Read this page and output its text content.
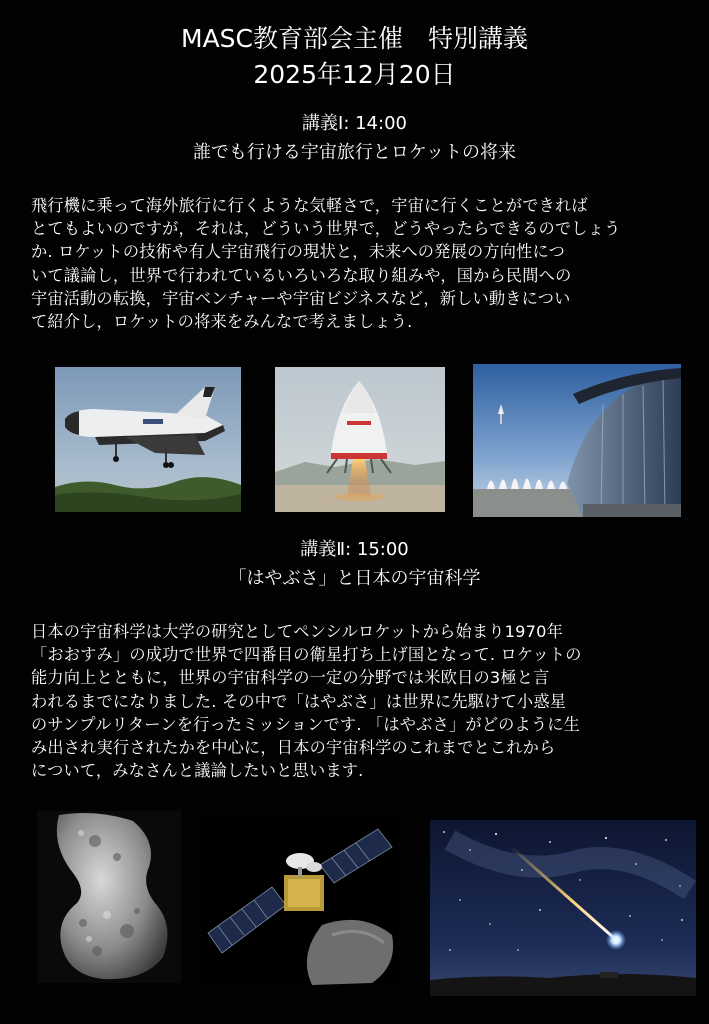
MASC教育部会主催　特別講義
2025年12月20日
講義Ⅰ: 14:00
誰でも行ける宇宙旅行とロケットの将来
飛行機に乗って海外旅行に行くような気軽さで，宇宙に行くことができれば
とてもよいのですが，それは，どういう世界で，どうやったらできるのでしょう
か. ロケットの技術や有人宇宙飛行の現状と，未来への発展の方向性につ
いて議論し，世界で行われているいろいろな取り組みや，国から民間への
宇宙活動の転換，宇宙ベンチャーや宇宙ビジネスなど，新しい動きについ
て紹介し，ロケットの将来をみんなで考えましょう.
講義Ⅱ: 15:00
「はやぶさ」と日本の宇宙科学
日本の宇宙科学は大学の研究としてペンシルロケットから始まり1970年
「おおすみ」の成功で世界で四番目の衛星打ち上げ国となって. ロケットの
能力向上とともに，世界の宇宙科学の一定の分野では米欧日の3極と言
われるまでになりました. その中で「はやぶさ」は世界に先駆けて小惑星
のサンプルリターンを行ったミッションです. 「はやぶさ」がどのように生
み出され実行されたかを中心に，日本の宇宙科学のこれまでとこれから
について，みなさんと議論したいと思います.
